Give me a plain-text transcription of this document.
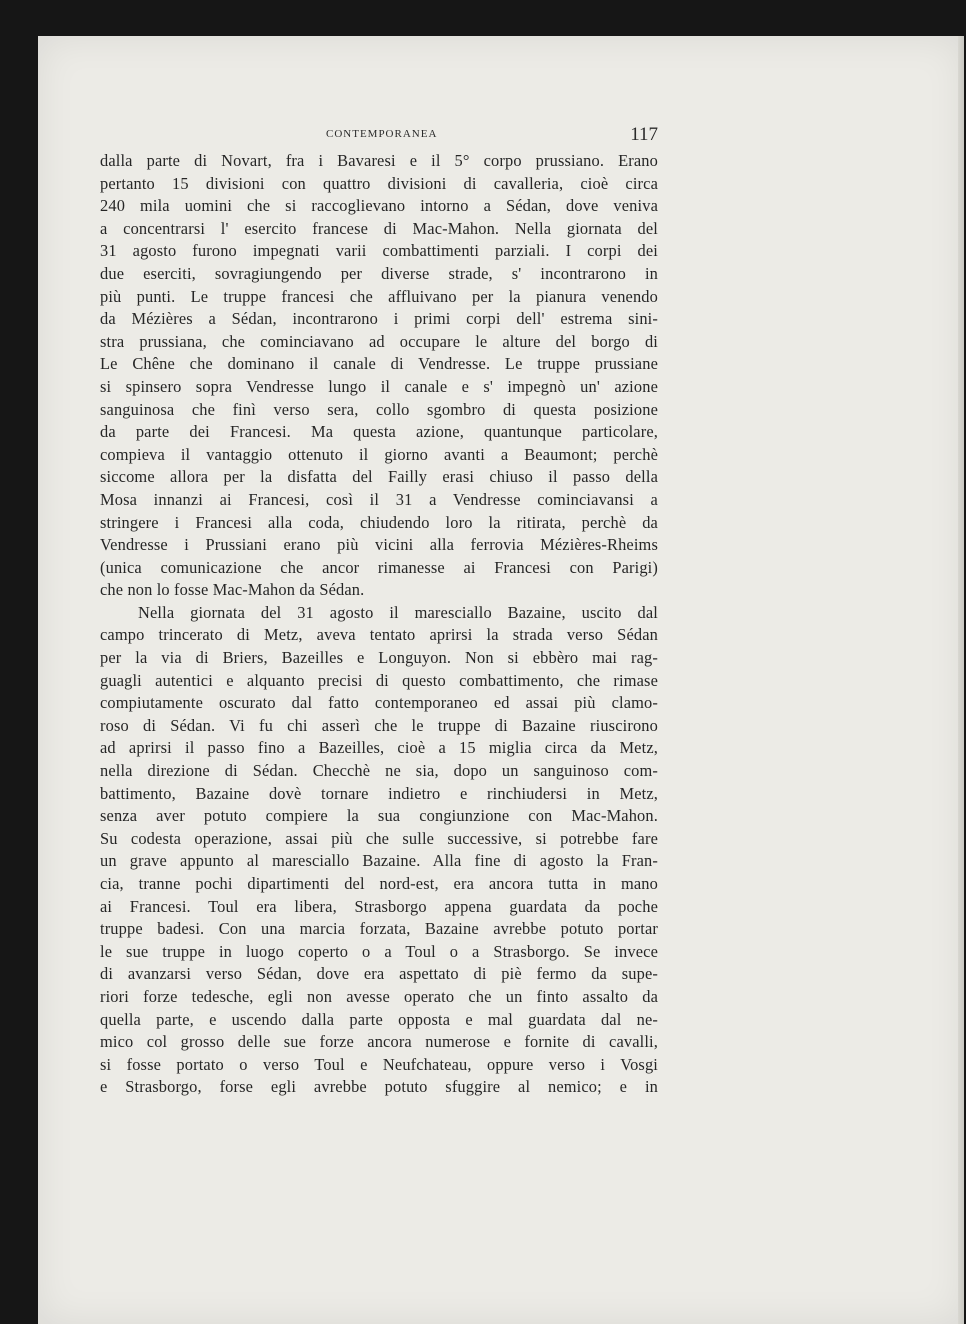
CONTEMPORANEA	117
dalla parte di Novart, fra i Bavaresi e il 5° corpo prussiano. Erano
pertanto 15 divisioni con quattro divisioni di cavalleria, cioè circa
240 mila uomini che si raccoglievano intorno a Sédan, dove veniva
a concentrarsi l' esercito francese di Mac-Mahon. Nella giornata del
31 agosto furono impegnati varii combattimenti parziali. I corpi dei
due eserciti, sovragiungendo per diverse strade, s' incontrarono in
più punti. Le truppe francesi che affluivano per la pianura venendo
da Mézières a Sédan, incontrarono i primi corpi dell' estrema sini-
stra prussiana, che cominciavano ad occupare le alture del borgo di
Le Chêne che dominano il canale di Vendresse. Le truppe prussiane
si spinsero sopra Vendresse lungo il canale e s' impegnò un' azione
sanguinosa che finì verso sera, collo sgombro di questa posizione
da parte dei Francesi. Ma questa azione, quantunque particolare,
compieva il vantaggio ottenuto il giorno avanti a Beaumont; perchè
siccome allora per la disfatta del Failly erasi chiuso il passo della
Mosa innanzi ai Francesi, così il 31 a Vendresse cominciavansi a
stringere i Francesi alla coda, chiudendo loro la ritirata, perchè da
Vendresse i Prussiani erano più vicini alla ferrovia Mézières-Rheims
(unica comunicazione che ancor rimanesse ai Francesi con Parigi)
che non lo fosse Mac-Mahon da Sédan.
Nella giornata del 31 agosto il maresciallo Bazaine, uscito dal
campo trincerato di Metz, aveva tentato aprirsi la strada verso Sédan
per la via di Briers, Bazeilles e Longuyon. Non si ebbèro mai rag-
guagli autentici e alquanto precisi di questo combattimento, che rimase
compiutamente oscurato dal fatto contemporaneo ed assai più clamo-
roso di Sédan. Vi fu chi asserì che le truppe di Bazaine riuscirono
ad aprirsi il passo fino a Bazeilles, cioè a 15 miglia circa da Metz,
nella direzione di Sédan. Checchè ne sia, dopo un sanguinoso com-
battimento, Bazaine dovè tornare indietro e rinchiudersi in Metz,
senza aver potuto compiere la sua congiunzione con Mac-Mahon.
Su codesta operazione, assai più che sulle successive, si potrebbe fare
un grave appunto al maresciallo Bazaine. Alla fine di agosto la Fran-
cia, tranne pochi dipartimenti del nord-est, era ancora tutta in mano
ai Francesi. Toul era libera, Strasborgo appena guardata da poche
truppe badesi. Con una marcia forzata, Bazaine avrebbe potuto portar
le sue truppe in luogo coperto o a Toul o a Strasborgo. Se invece
di avanzarsi verso Sédan, dove era aspettato di piè fermo da supe-
riori forze tedesche, egli non avesse operato che un finto assalto da
quella parte, e uscendo dalla parte opposta e mal guardata dal ne-
mico col grosso delle sue forze ancora numerose e fornite di cavalli,
si fosse portato o verso Toul e Neufchateau, oppure verso i Vosgi
e Strasborgo, forse egli avrebbe potuto sfuggire al nemico; e in
